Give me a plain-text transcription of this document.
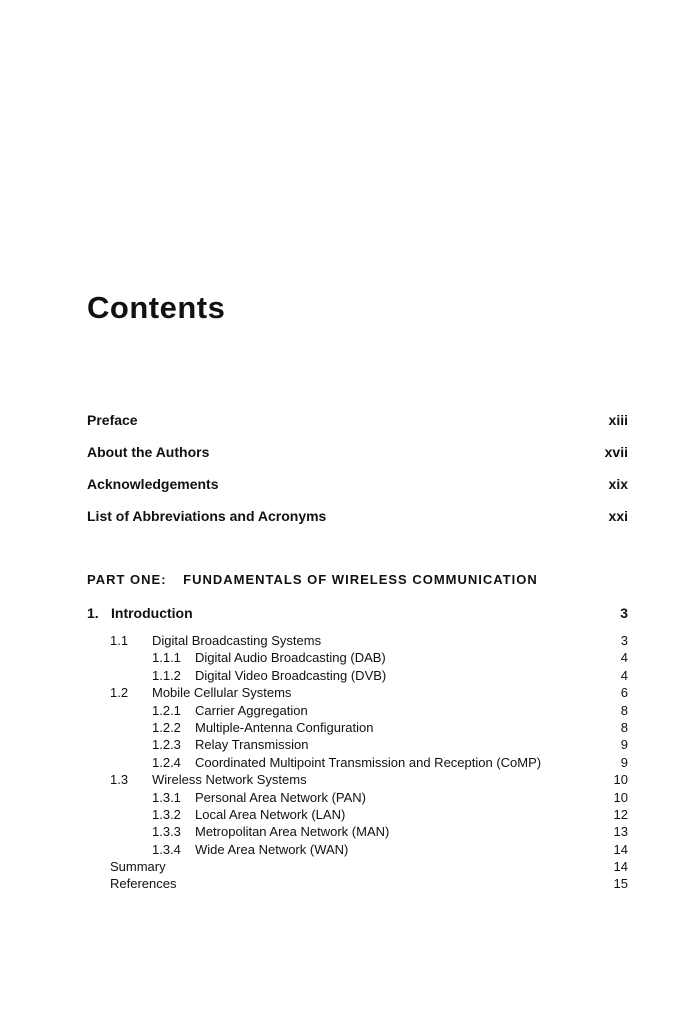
Contents
Preface	xiii
About the Authors	xvii
Acknowledgements	xix
List of Abbreviations and Acronyms	xxi
PART ONE: FUNDAMENTALS OF WIRELESS COMMUNICATION
1. Introduction	3
1.1 Digital Broadcasting Systems	3
1.1.1 Digital Audio Broadcasting (DAB)	4
1.1.2 Digital Video Broadcasting (DVB)	4
1.2 Mobile Cellular Systems	6
1.2.1 Carrier Aggregation	8
1.2.2 Multiple-Antenna Configuration	8
1.2.3 Relay Transmission	9
1.2.4 Coordinated Multipoint Transmission and Reception (CoMP)	9
1.3 Wireless Network Systems	10
1.3.1 Personal Area Network (PAN)	10
1.3.2 Local Area Network (LAN)	12
1.3.3 Metropolitan Area Network (MAN)	13
1.3.4 Wide Area Network (WAN)	14
Summary	14
References	15
